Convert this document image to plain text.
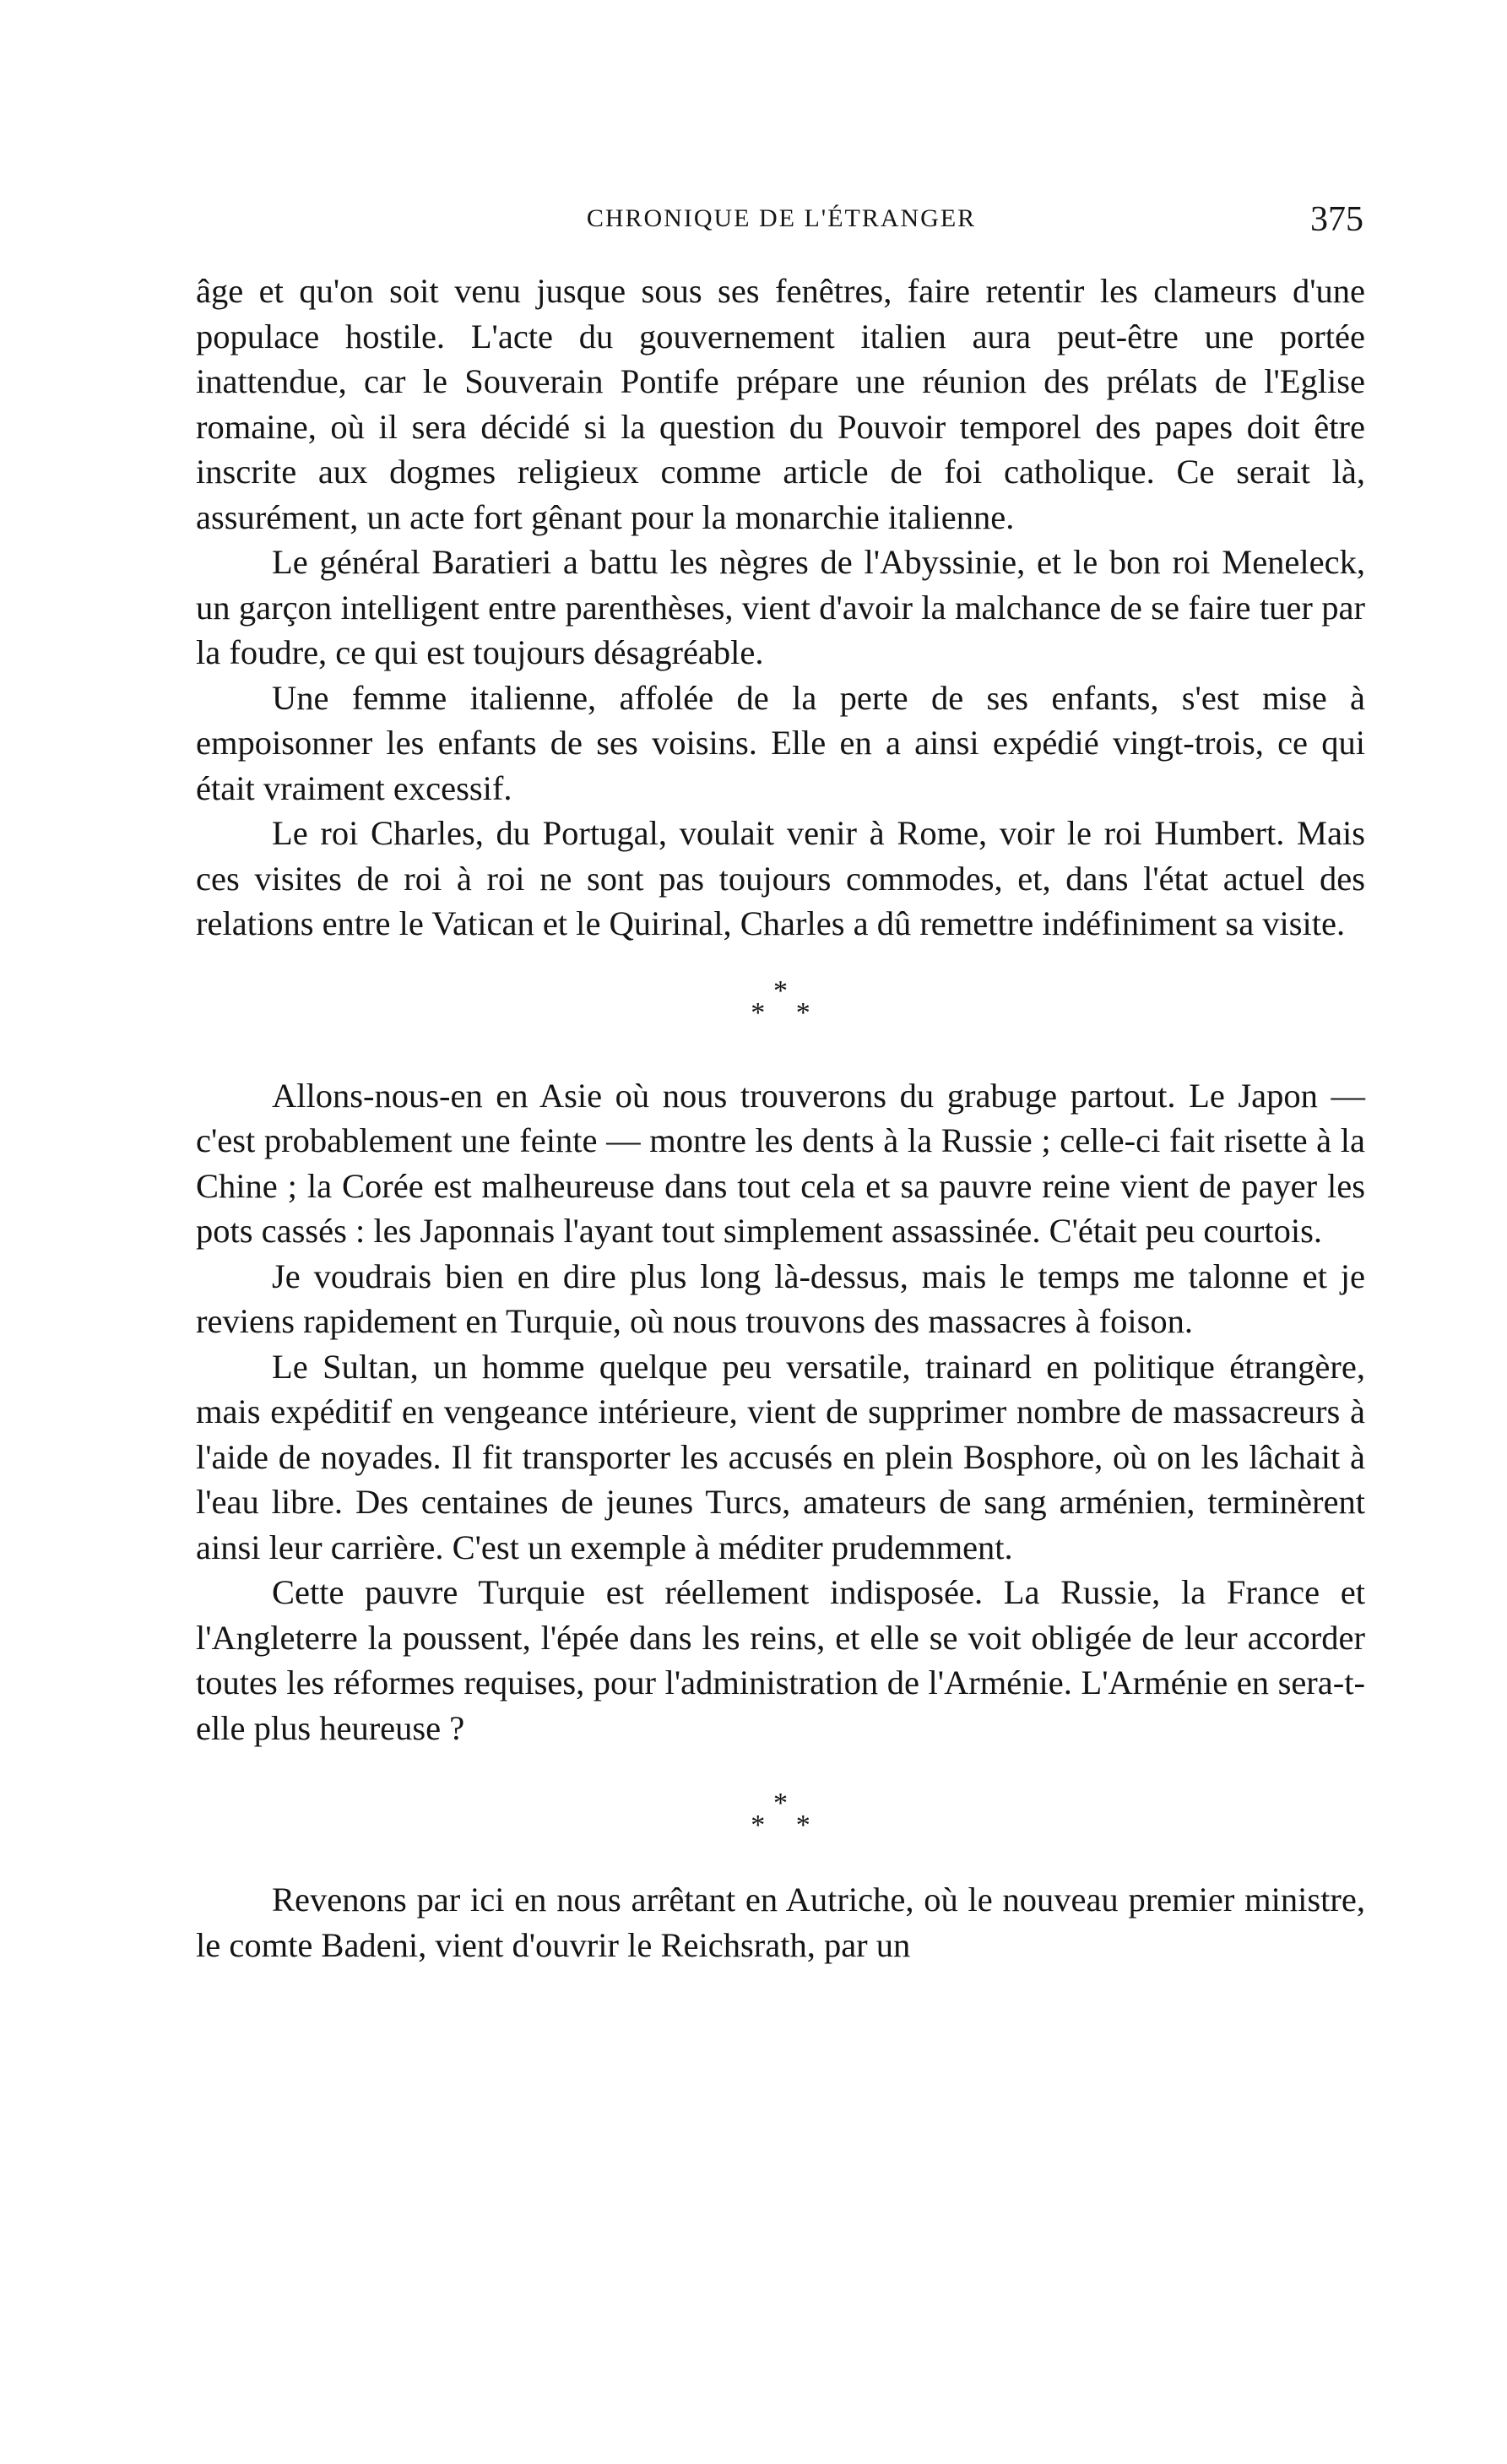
CHRONIQUE DE L'ÉTRANGER	375

âge et qu'on soit venu jusque sous ses fenêtres, faire retentir les clameurs d'une populace hostile. L'acte du gouvernement italien aura peut-être une portée inattendue, car le Souverain Pontife prépare une réunion des prélats de l'Eglise romaine, où il sera décidé si la question du Pouvoir temporel des papes doit être inscrite aux dogmes religieux comme article de foi catholique. Ce serait là, assurément, un acte fort gênant pour la monarchie italienne.

Le général Baratieri a battu les nègres de l'Abyssinie, et le bon roi Meneleck, un garçon intelligent entre parenthèses, vient d'avoir la malchance de se faire tuer par la foudre, ce qui est toujours désagréable.

Une femme italienne, affolée de la perte de ses enfants, s'est mise à empoisonner les enfants de ses voisins. Elle en a ainsi expédié vingt-trois, ce qui était vraiment excessif.

Le roi Charles, du Portugal, voulait venir à Rome, voir le roi Humbert. Mais ces visites de roi à roi ne sont pas toujours commodes, et, dans l'état actuel des relations entre le Vatican et le Quirinal, Charles a dû remettre indéfiniment sa visite.

*
* *

Allons-nous-en en Asie où nous trouverons du grabuge partout. Le Japon — c'est probablement une feinte — montre les dents à la Russie ; celle-ci fait risette à la Chine ; la Corée est malheureuse dans tout cela et sa pauvre reine vient de payer les pots cassés : les Japonnais l'ayant tout simplement assassinée. C'était peu courtois.

Je voudrais bien en dire plus long là-dessus, mais le temps me talonne et je reviens rapidement en Turquie, où nous trouvons des massacres à foison.

Le Sultan, un homme quelque peu versatile, trainard en politique étrangère, mais expéditif en vengeance intérieure, vient de supprimer nombre de massacreurs à l'aide de noyades. Il fit transporter les accusés en plein Bosphore, où on les lâchait à l'eau libre. Des centaines de jeunes Turcs, amateurs de sang arménien, terminèrent ainsi leur carrière. C'est un exemple à méditer prudemment.

Cette pauvre Turquie est réellement indisposée. La Russie, la France et l'Angleterre la poussent, l'épée dans les reins, et elle se voit obligée de leur accorder toutes les réformes requises, pour l'administration de l'Arménie. L'Arménie en sera-t-elle plus heureuse ?

*
* *

Revenons par ici en nous arrêtant en Autriche, où le nouveau premier ministre, le comte Badeni, vient d'ouvrir le Reichsrath, par un
